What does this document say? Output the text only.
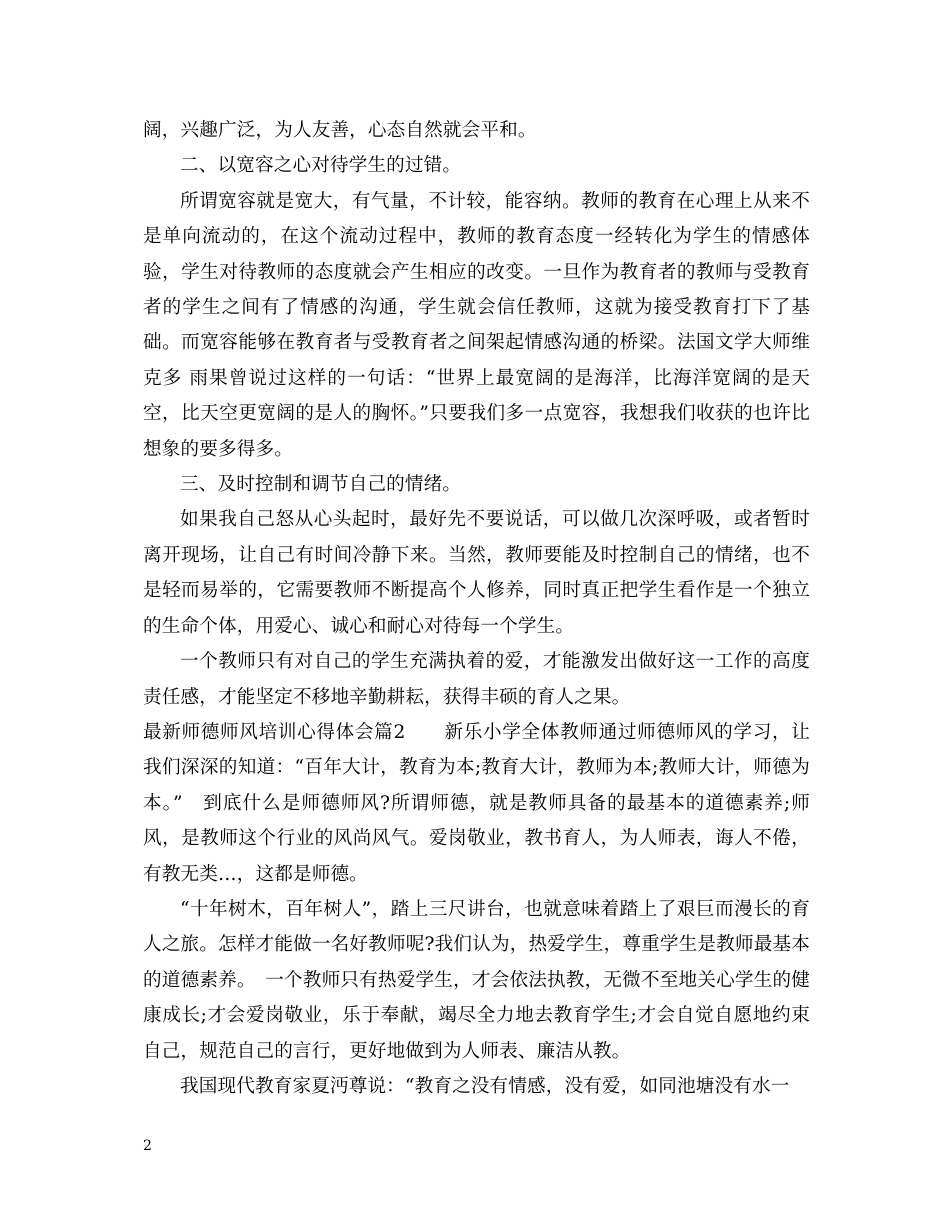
阔，兴趣广泛，为人友善，心态自然就会平和。

二、以宽容之心对待学生的过错。

所谓宽容就是宽大，有气量，不计较，能容纳。教师的教育在心理上从来不是单向流动的，在这个流动过程中，教师的教育态度一经转化为学生的情感体验，学生对待教师的态度就会产生相应的改变。一旦作为教育者的教师与受教育者的学生之间有了情感的沟通，学生就会信任教师，这就为接受教育打下了基础。而宽容能够在教育者与受教育者之间架起情感沟通的桥梁。法国文学大师维克多 雨果曾说过这样的一句话：“世界上最宽阔的是海洋，比海洋宽阔的是天空，比天空更宽阔的是人的胸怀。”只要我们多一点宽容，我想我们收获的也许比想象的要多得多。

三、及时控制和调节自己的情绪。

如果我自己怒从心头起时，最好先不要说话，可以做几次深呼吸，或者暂时离开现场，让自己有时间冷静下来。当然，教师要能及时控制自己的情绪，也不是轻而易举的，它需要教师不断提高个人修养，同时真正把学生看作是一个独立的生命个体，用爱心、诚心和耐心对待每一个学生。

一个教师只有对自己的学生充满执着的爱，才能激发出做好这一工作的高度责任感，才能坚定不移地辛勤耕耘，获得丰硕的育人之果。

最新师德师风培训心得体会篇2　　新乐小学全体教师通过师德师风的学习，让我们深深的知道：“百年大计，教育为本;教育大计，教师为本;教师大计，师德为本。”　到底什么是师德师风?所谓师德，就是教师具备的最基本的道德素养;师风，是教师这个行业的风尚风气。爱岗敬业，教书育人，为人师表，诲人不倦，有教无类…，这都是师德。

“十年树木，百年树人”，踏上三尺讲台，也就意味着踏上了艰巨而漫长的育人之旅。怎样才能做一名好教师呢?我们认为，热爱学生，尊重学生是教师最基本的道德素养。　一个教师只有热爱学生，才会依法执教，无微不至地关心学生的健康成长;才会爱岗敬业，乐于奉献，竭尽全力地去教育学生;才会自觉自愿地约束自己，规范自己的言行，更好地做到为人师表、廉洁从教。

我国现代教育家夏沔尊说：“教育之没有情感，没有爱，如同池塘没有水一

2
